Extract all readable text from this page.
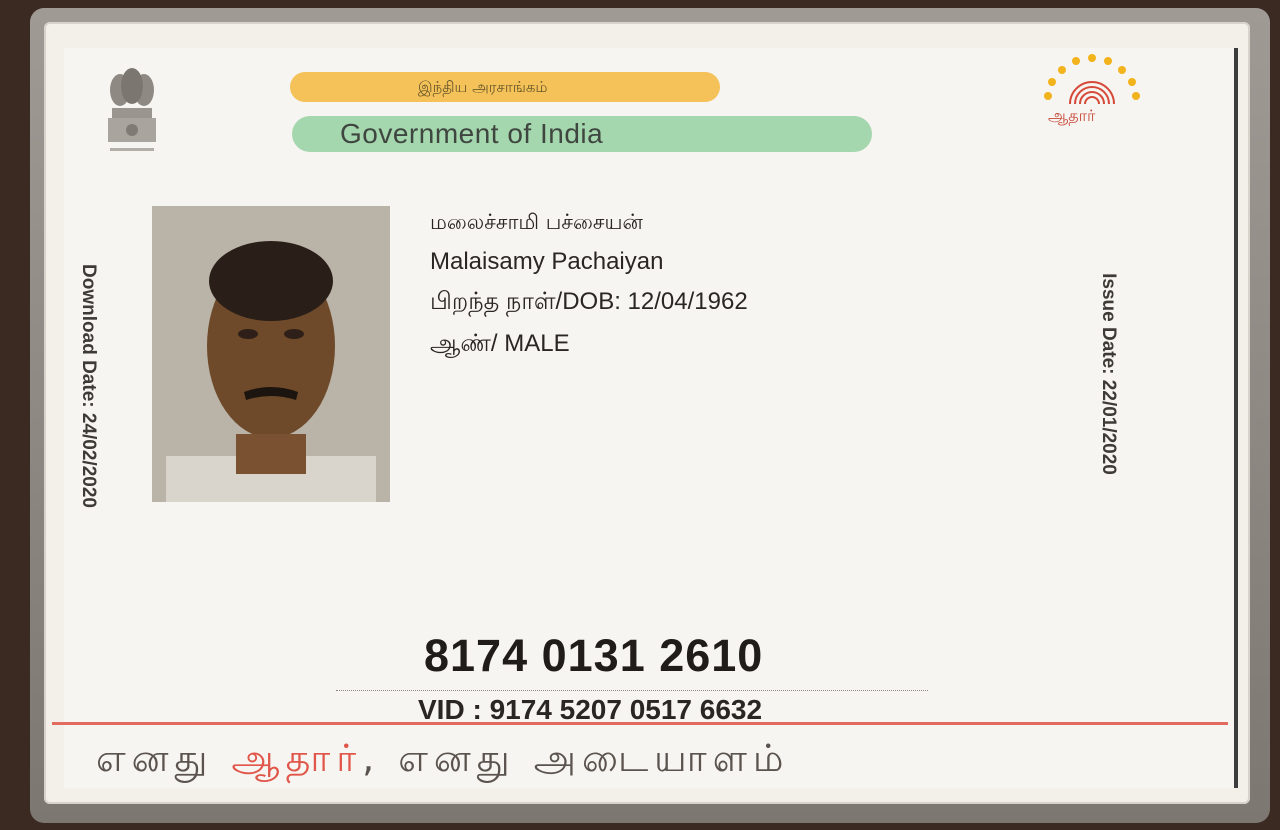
இந்திய அரசாங்கம்
Government of India
ஆதார்
மலைச்சாமி பச்சையன்
Malaisamy Pachaiyan
பிறந்த நாள்/DOB: 12/04/1962
ஆண்/ MALE
Download Date: 24/02/2020
Issue Date: 22/01/2020
8174 0131 2610
VID : 9174 5207 0517 6632
எனது ஆதார், எனது அடையாளம்
